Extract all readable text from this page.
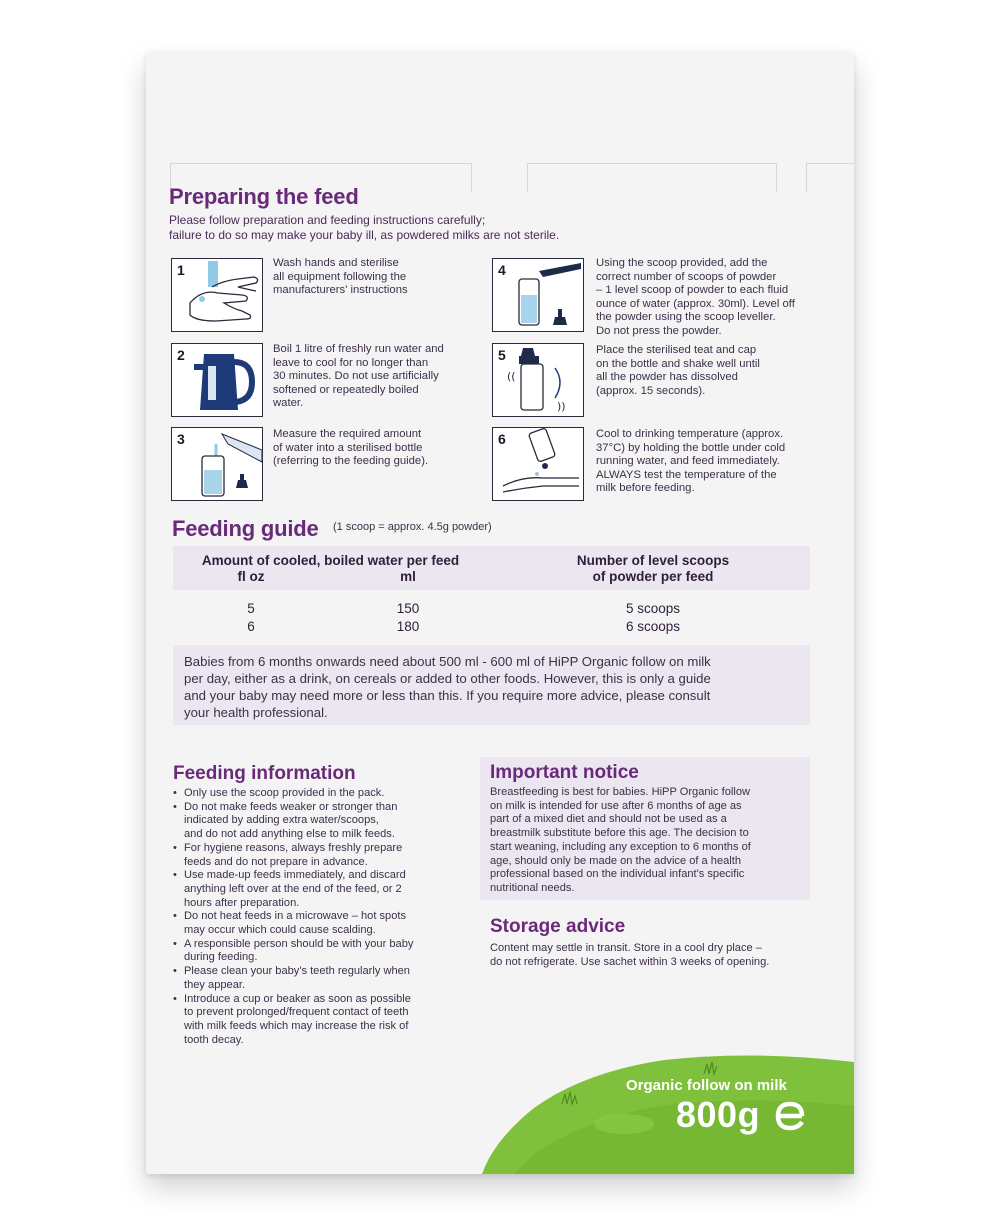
Preparing the feed
Please follow preparation and feeding instructions carefully;
failure to do so may make your baby ill, as powdered milks are not sterile.
1	Wash hands and sterilise
all equipment following the
manufacturers' instructions
2	Boil 1 litre of freshly run water and
leave to cool for no longer than
30 minutes. Do not use artificially
softened or repeatedly boiled
water.
3	Measure the required amount
of water into a sterilised bottle
(referring to the feeding guide).
4	Using the scoop provided, add the
correct number of scoops of powder
– 1 level scoop of powder to each fluid
ounce of water (approx. 30ml). Level off
the powder using the scoop leveller.
Do not press the powder.
5
((
))
Place the sterilised teat and cap
on the bottle and shake well until
all the powder has dissolved
(approx. 15 seconds).
6	Cool to drinking temperature (approx.
37°C) by holding the bottle under cold
running water, and feed immediately.
ALWAYS test the temperature of the
milk before feeding.
Feeding guide (1 scoop = approx. 4.5g powder)
Amount of cooled, boiled water per feed
fl oz	ml
Number of level scoops
of powder per feed
5	150	5 scoops
6	180	6 scoops
Babies from 6 months onwards need about 500 ml - 600 ml of HiPP Organic follow on milk
per day, either as a drink, on cereals or added to other foods. However, this is only a guide
and your baby may need more or less than this. If you require more advice, please consult
your health professional.
Feeding information
• Only use the scoop provided in the pack.
• Do not make feeds weaker or stronger than
indicated by adding extra water/scoops,
and do not add anything else to milk feeds.
• For hygiene reasons, always freshly prepare
feeds and do not prepare in advance.
• Use made-up feeds immediately, and discard
anything left over at the end of the feed, or 2
hours after preparation.
• Do not heat feeds in a microwave – hot spots
may occur which could cause scalding.
• A responsible person should be with your baby
during feeding.
• Please clean your baby's teeth regularly when
they appear.
• Introduce a cup or beaker as soon as possible
to prevent prolonged/frequent contact of teeth
with milk feeds which may increase the risk of
tooth decay.
Important notice
Breastfeeding is best for babies. HiPP Organic follow
on milk is intended for use after 6 months of age as
part of a mixed diet and should not be used as a
breastmilk substitute before this age. The decision to
start weaning, including any exception to 6 months of
age, should only be made on the advice of a health
professional based on the individual infant's specific
nutritional needs.
Storage advice
Content may settle in transit. Store in a cool dry place –
do not refrigerate. Use sachet within 3 weeks of opening.
Organic follow on milk
800g
